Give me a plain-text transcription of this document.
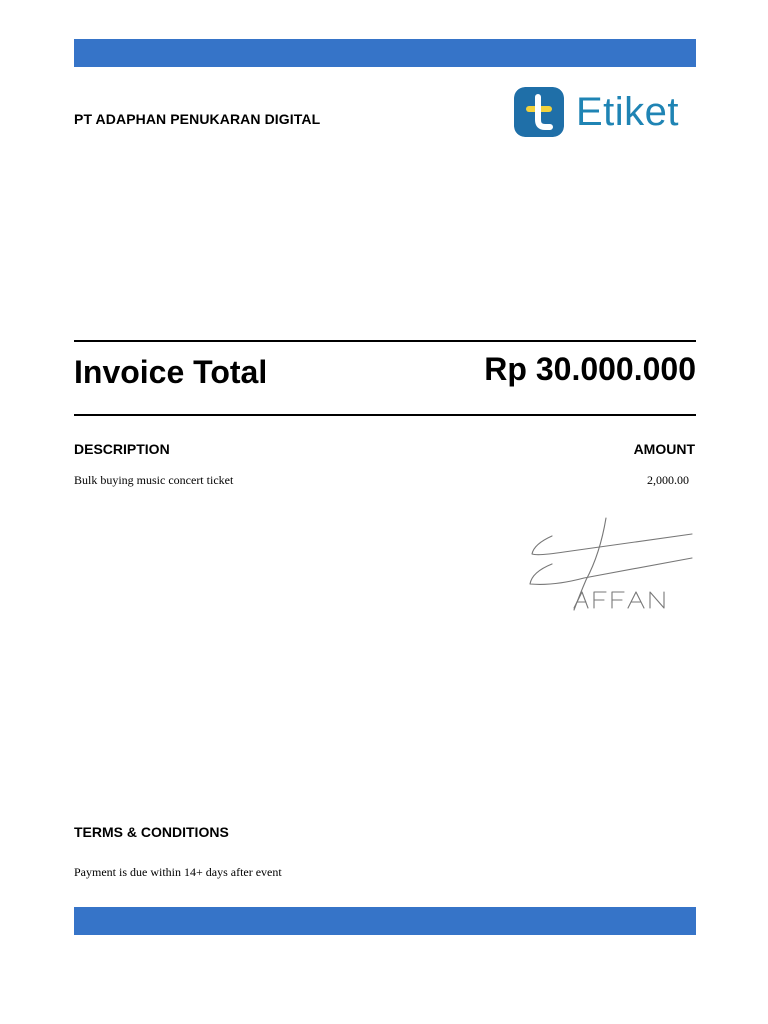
PT ADAPHAN PENUKARAN DIGITAL	Etiket
Invoice Total	Rp 30.000.000
DESCRIPTION	AMOUNT
Bulk buying music concert ticket	2,000.00
TERMS & CONDITIONS
Payment is due within 14+ days after event
